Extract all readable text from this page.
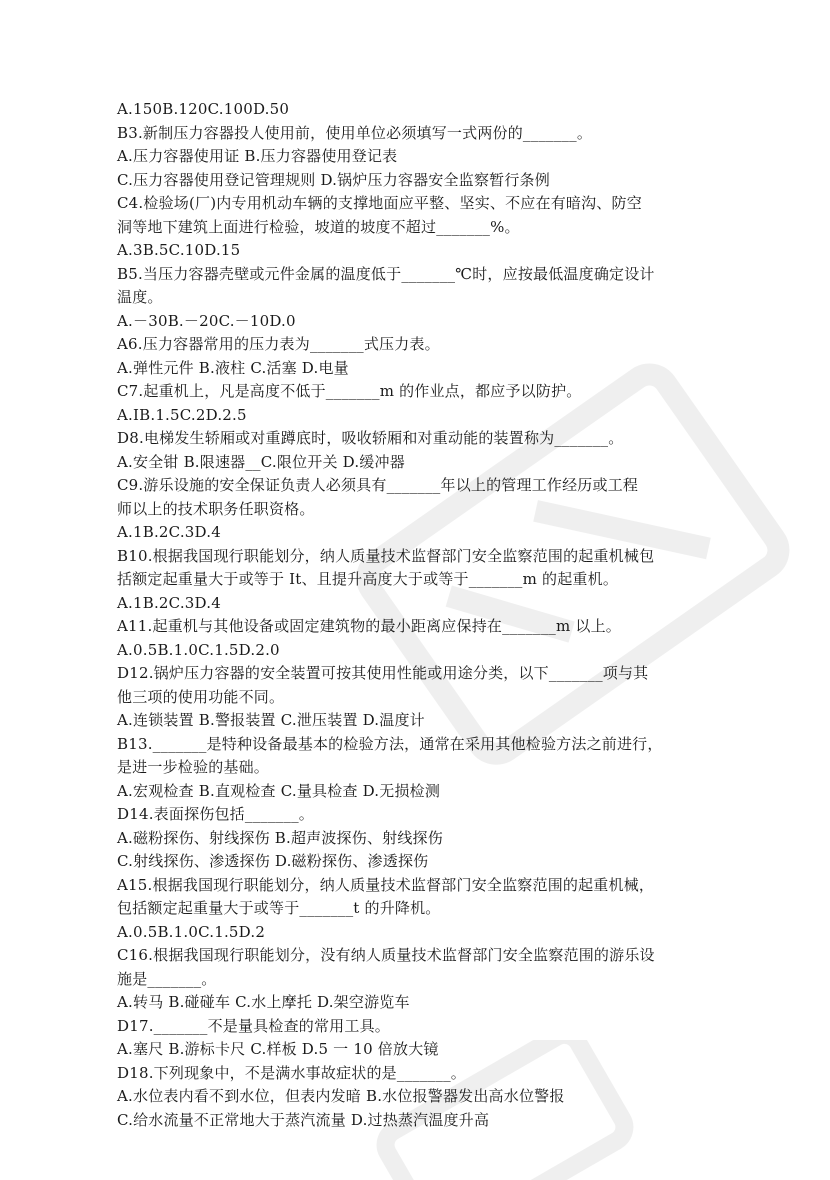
A.150B.120C.100D.50
B3.新制压力容器投人使用前，使用单位必须填写一式两份的_______。
A.压力容器使用证 B.压力容器使用登记表
C.压力容器使用登记管理规则 D.锅炉压力容器安全监察暂行条例
C4.检验场(厂)内专用机动车辆的支撑地面应平整、坚实、不应在有暗沟、防空
洞等地下建筑上面进行检验，坡道的坡度不超过_______%。
A.3B.5C.10D.15
B5.当压力容器壳壁或元件金属的温度低于_______℃时，应按最低温度确定设计
温度。
A.－30B.－20C.－10D.0
A6.压力容器常用的压力表为_______式压力表。
A.弹性元件 B.液柱 C.活塞 D.电量
C7.起重机上，凡是高度不低于_______m 的作业点，都应予以防护。
A.IB.1.5C.2D.2.5
D8.电梯发生轿厢或对重蹲底时，吸收轿厢和对重动能的装置称为_______。
A.安全钳 B.限速器__C.限位开关 D.缓冲器
C9.游乐设施的安全保证负责人必须具有_______年以上的管理工作经历或工程
师以上的技术职务任职资格。
A.1B.2C.3D.4
B10.根据我国现行职能划分，纳人质量技术监督部门安全监察范围的起重机械包
括额定起重量大于或等于 It、且提升高度大于或等于_______m 的起重机。
A.1B.2C.3D.4
A11.起重机与其他设备或固定建筑物的最小距离应保持在_______m 以上。
A.0.5B.1.0C.1.5D.2.0
D12.锅炉压力容器的安全装置可按其使用性能或用途分类，以下_______项与其
他三项的使用功能不同。
A.连锁装置 B.警报装置 C.泄压装置 D.温度计
B13._______是特种设备最基本的检验方法，通常在采用其他检验方法之前进行，
是进一步检验的基础。
A.宏观检查 B.直观检查 C.量具检查 D.无损检测
D14.表面探伤包括_______。
A.磁粉探伤、射线探伤 B.超声波探伤、射线探伤
C.射线探伤、渗透探伤 D.磁粉探伤、渗透探伤
A15.根据我国现行职能划分，纳人质量技术监督部门安全监察范围的起重机械，
包括额定起重量大于或等于_______t 的升降机。
A.0.5B.1.0C.1.5D.2
C16.根据我国现行职能划分，没有纳人质量技术监督部门安全监察范围的游乐设
施是_______。
A.转马 B.碰碰车 C.水上摩托 D.架空游览车
D17._______不是量具检查的常用工具。
A.塞尺 B.游标卡尺 C.样板 D.5 一 10 倍放大镜
D18.下列现象中，不是满水事故症状的是_______。
A.水位表内看不到水位，但表内发暗 B.水位报警器发出高水位警报
C.给水流量不正常地大于蒸汽流量 D.过热蒸汽温度升高
